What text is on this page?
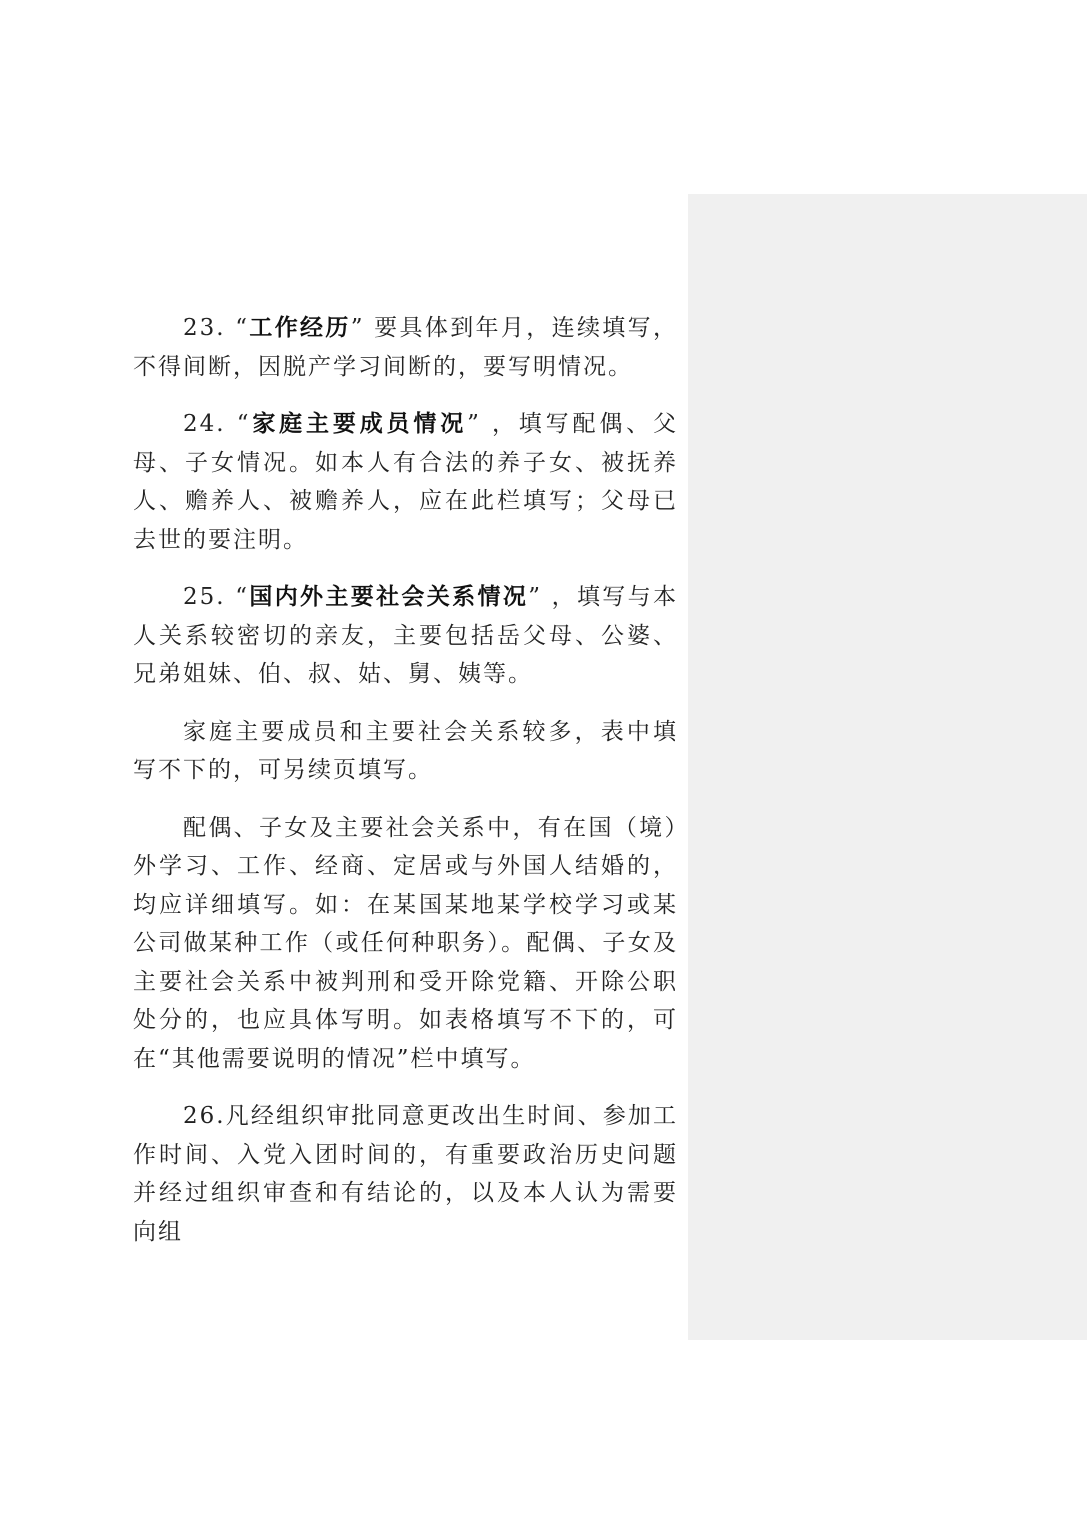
23. “工作经历” 要具体到年月，连续填写，不得间断，因脱产学习间断的，要写明情况。

24. “家庭主要成员情况” ，填写配偶、父母、子女情况。如本人有合法的养子女、被抚养人、赡养人、被赡养人，应在此栏填写；父母已去世的要注明。

25. “国内外主要社会关系情况” ，填写与本人关系较密切的亲友，主要包括岳父母、公婆、兄弟姐妹、伯、叔、姑、舅、姨等。

家庭主要成员和主要社会关系较多，表中填写不下的，可另续页填写。

配偶、子女及主要社会关系中，有在国（境）外学习、工作、经商、定居或与外国人结婚的，均应详细填写。如：在某国某地某学校学习或某公司做某种工作（或任何种职务）。配偶、子女及主要社会关系中被判刑和受开除党籍、开除公职处分的，也应具体写明。如表格填写不下的，可在“其他需要说明的情况”栏中填写。

26.凡经组织审批同意更改出生时间、参加工作时间、入党入团时间的，有重要政治历史问题并经过组织审查和有结论的，以及本人认为需要向组
